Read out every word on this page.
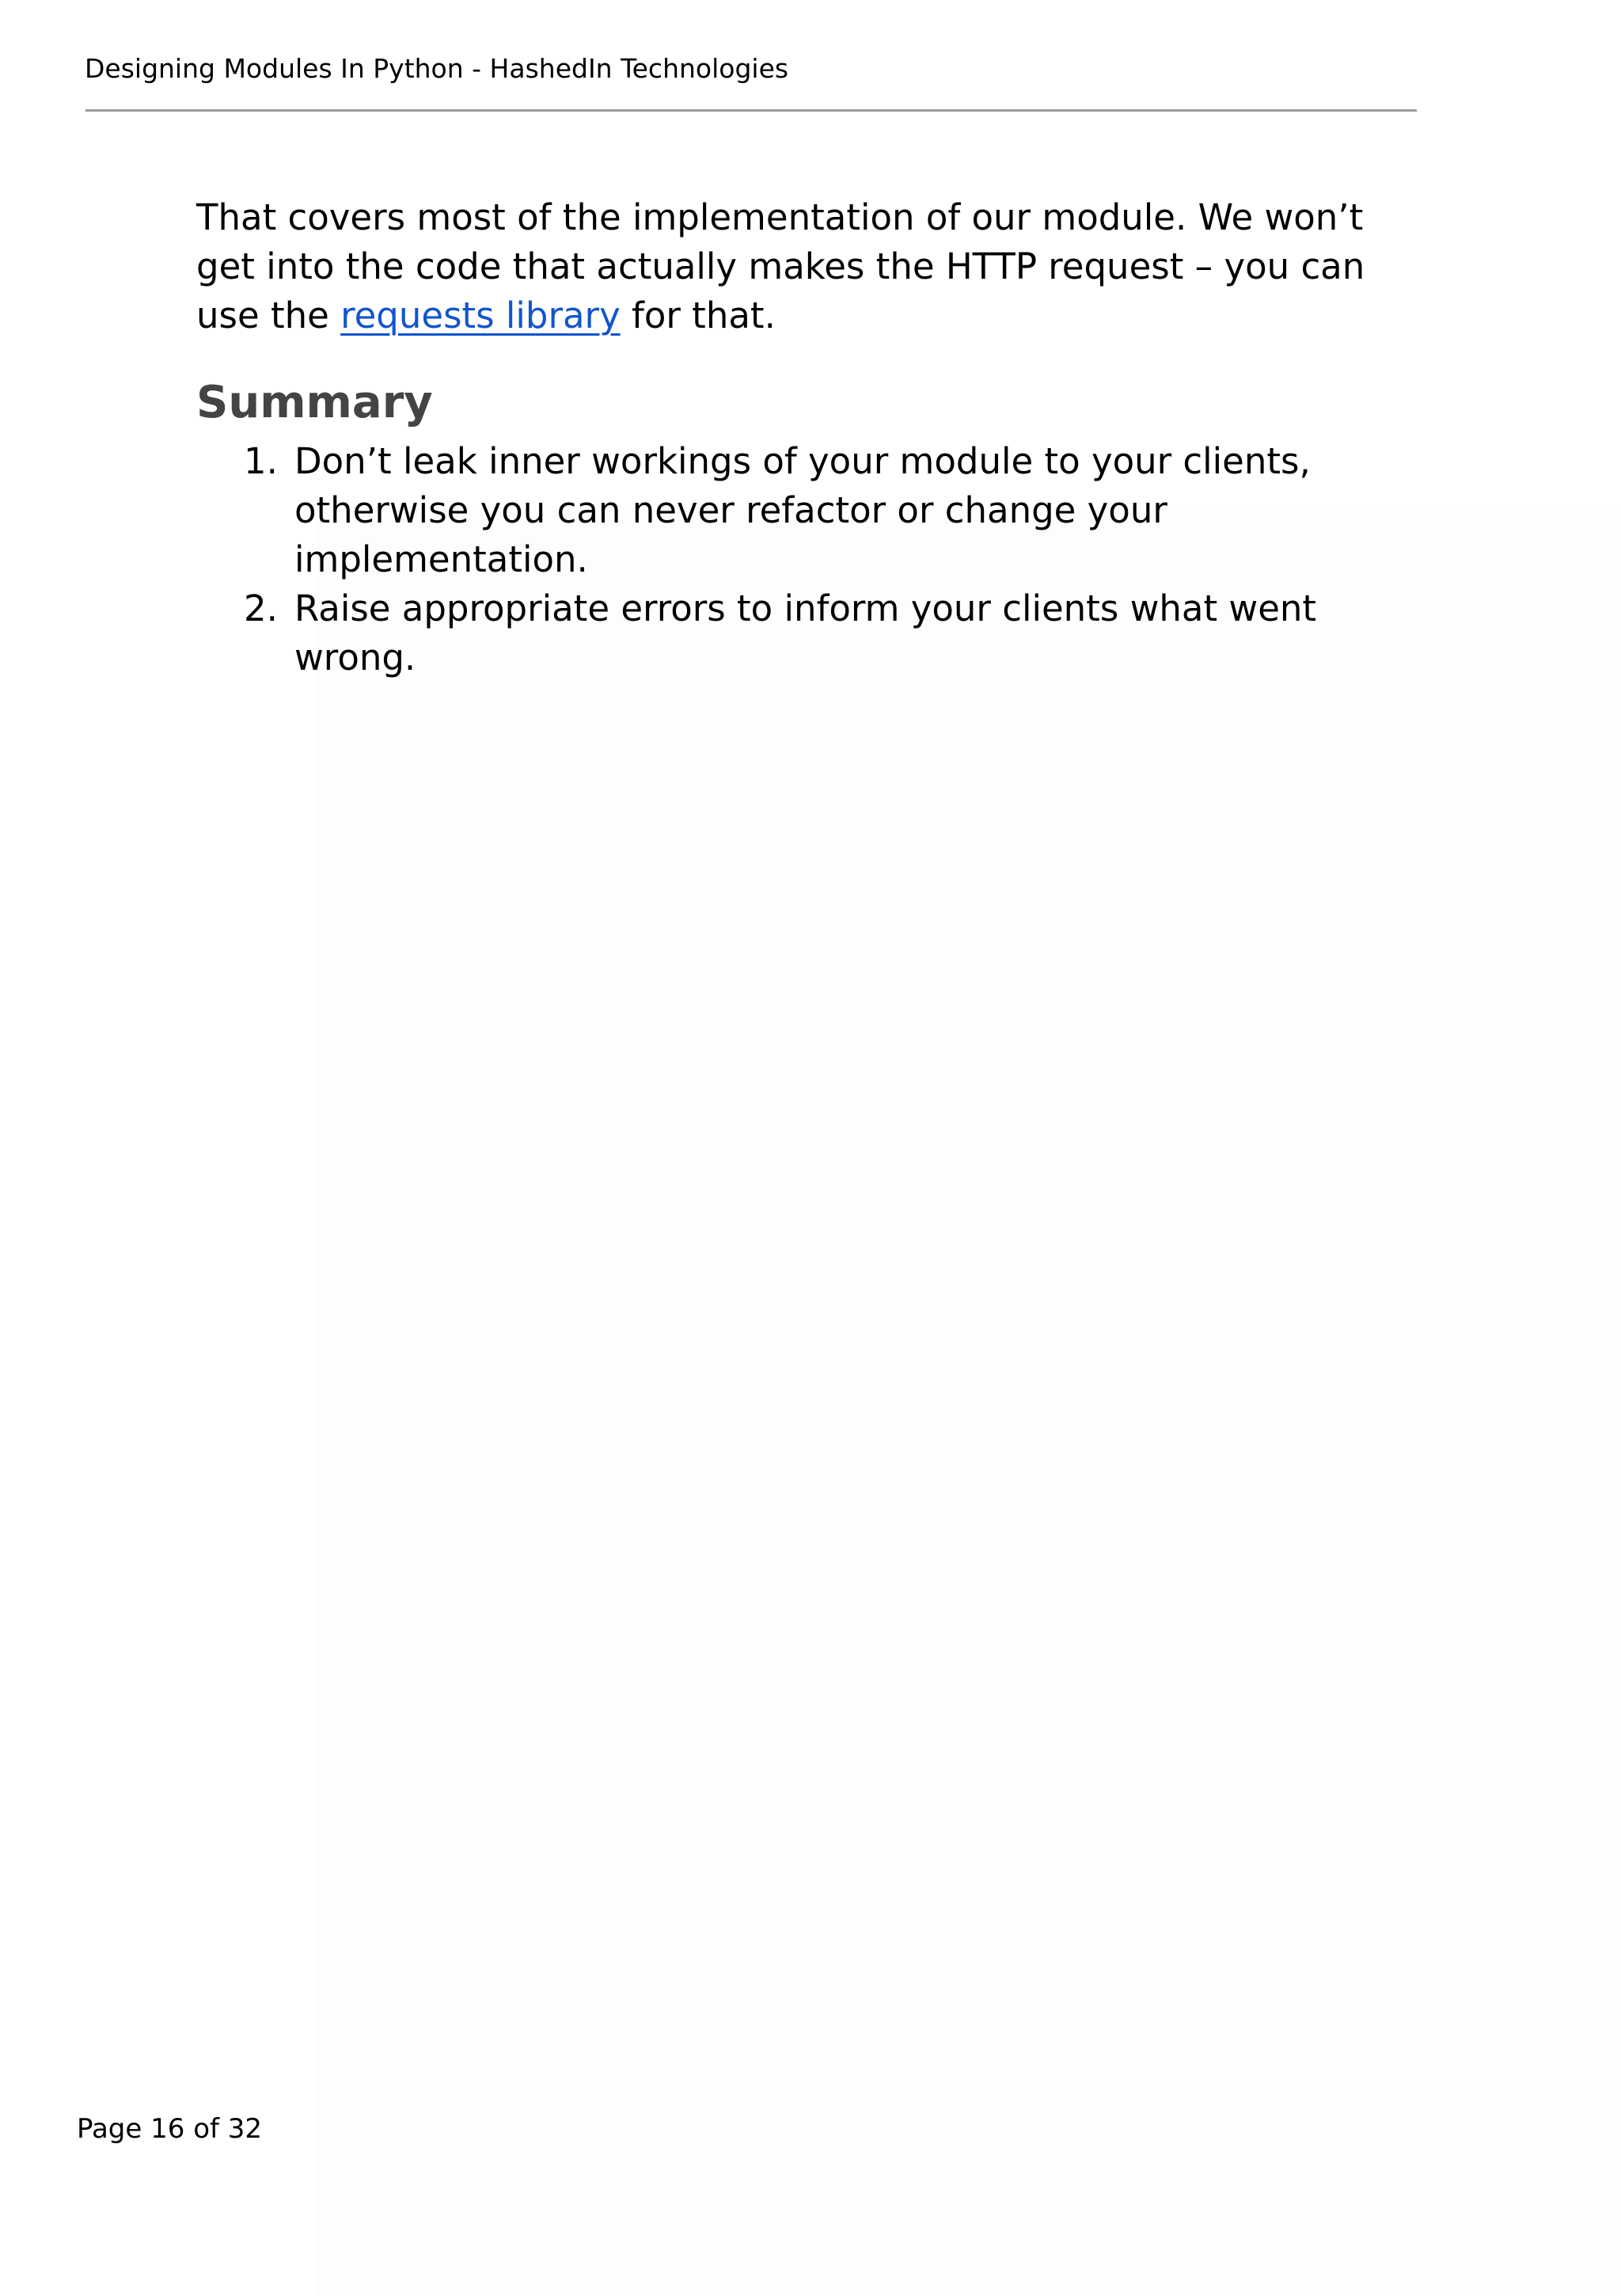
Designing Modules In Python - HashedIn Technologies

That covers most of the implementation of our module. We won’t get into the code that actually makes the HTTP request – you can use the requests library for that.

Summary
1. Don’t leak inner workings of your module to your clients, otherwise you can never refactor or change your implementation.
2. Raise appropriate errors to inform your clients what went wrong.
Page 16 of 32
